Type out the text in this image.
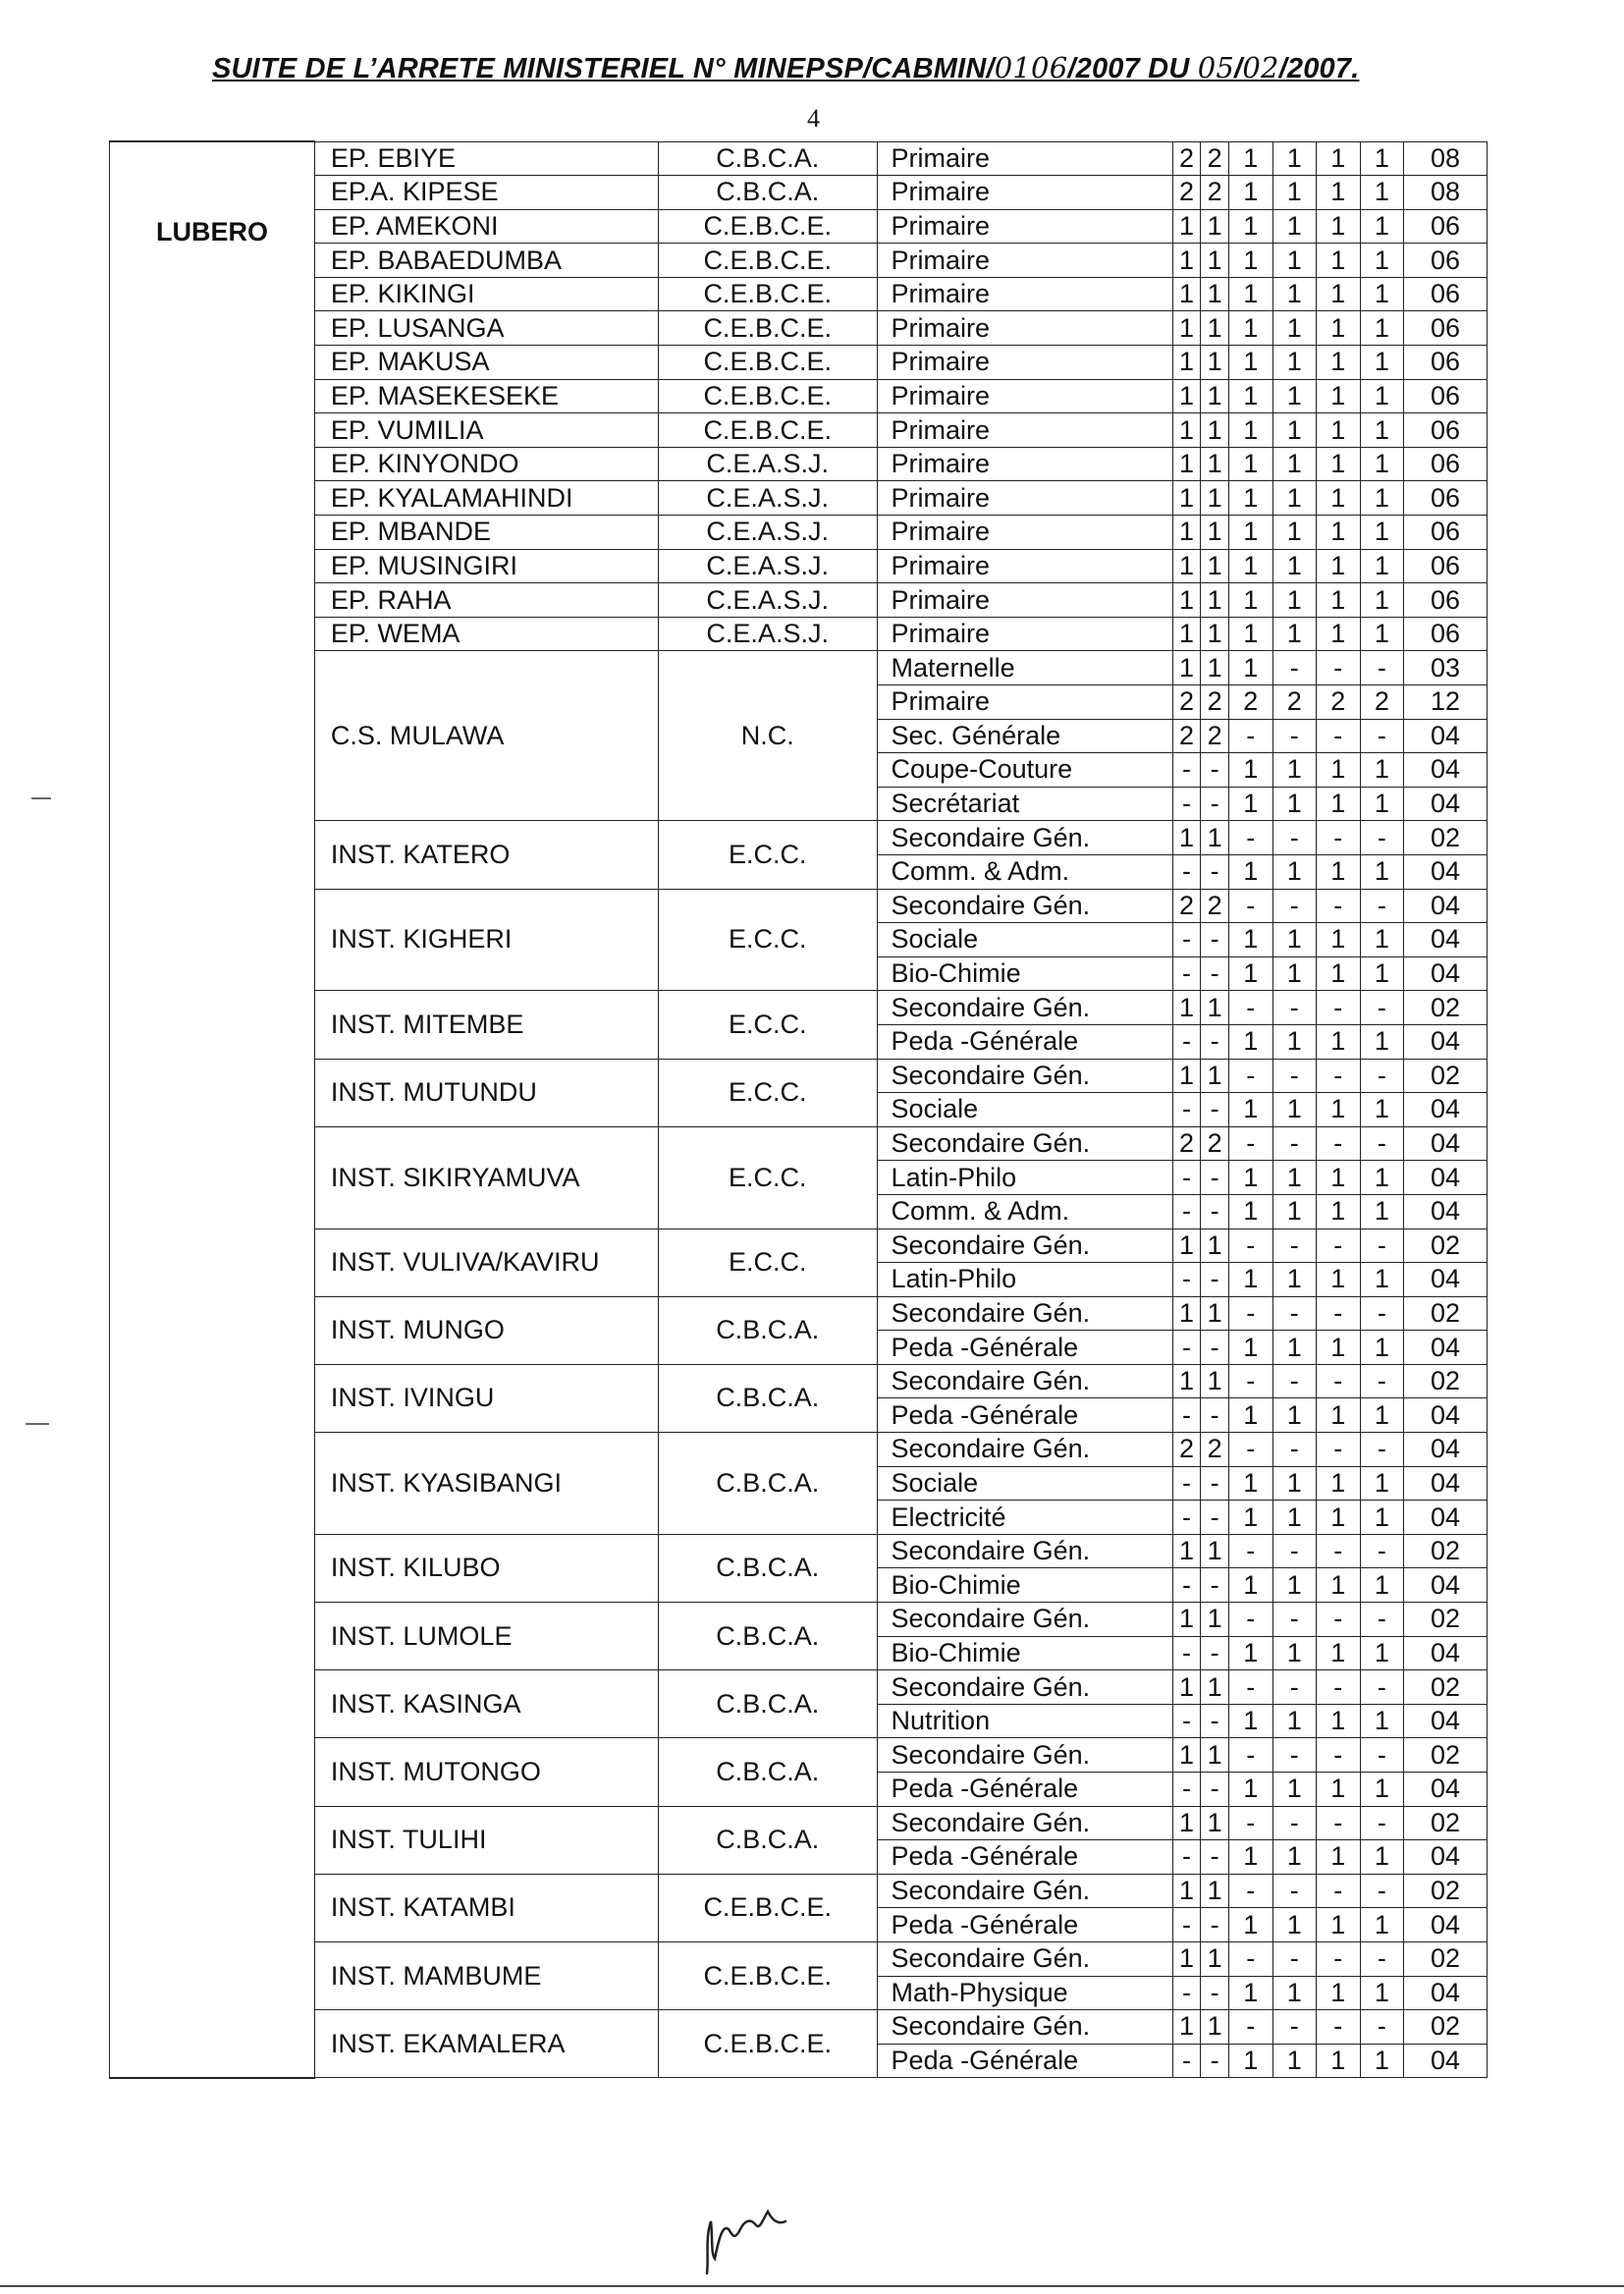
SUITE DE L’ARRETE MINISTERIEL N° MINEPSP/CABMIN/0106/2007 DU 05/02/2007.
4
LUBERO	EP. EBIYE	C.B.C.A.	Primaire	2	2	1	1	1	1	08
	EP.A. KIPESE	C.B.C.A.	Primaire	2	2	1	1	1	1	08
	EP. AMEKONI	C.E.B.C.E.	Primaire	1	1	1	1	1	1	06
	EP. BABAEDUMBA	C.E.B.C.E.	Primaire	1	1	1	1	1	1	06
	EP. KIKINGI	C.E.B.C.E.	Primaire	1	1	1	1	1	1	06
	EP. LUSANGA	C.E.B.C.E.	Primaire	1	1	1	1	1	1	06
	EP. MAKUSA	C.E.B.C.E.	Primaire	1	1	1	1	1	1	06
	EP. MASEKESEKE	C.E.B.C.E.	Primaire	1	1	1	1	1	1	06
	EP. VUMILIA	C.E.B.C.E.	Primaire	1	1	1	1	1	1	06
	EP. KINYONDO	C.E.A.S.J.	Primaire	1	1	1	1	1	1	06
	EP. KYALAMAHINDI	C.E.A.S.J.	Primaire	1	1	1	1	1	1	06
	EP. MBANDE	C.E.A.S.J.	Primaire	1	1	1	1	1	1	06
	EP. MUSINGIRI	C.E.A.S.J.	Primaire	1	1	1	1	1	1	06
	EP. RAHA	C.E.A.S.J.	Primaire	1	1	1	1	1	1	06
	EP. WEMA	C.E.A.S.J.	Primaire	1	1	1	1	1	1	06
	C.S. MULAWA	N.C.	Maternelle	1	1	1	-	-	-	03
			Primaire	2	2	2	2	2	2	12
			Sec. Générale	2	2	-	-	-	-	04
			Coupe-Couture	-	-	1	1	1	1	04
			Secrétariat	-	-	1	1	1	1	04
	INST. KATERO	E.C.C.	Secondaire Gén.	1	1	-	-	-	-	02
			Comm. & Adm.	-	-	1	1	1	1	04
	INST. KIGHERI	E.C.C.	Secondaire Gén.	2	2	-	-	-	-	04
			Sociale	-	-	1	1	1	1	04
			Bio-Chimie	-	-	1	1	1	1	04
	INST. MITEMBE	E.C.C.	Secondaire Gén.	1	1	-	-	-	-	02
			Peda -Générale	-	-	1	1	1	1	04
	INST. MUTUNDU	E.C.C.	Secondaire Gén.	1	1	-	-	-	-	02
			Sociale	-	-	1	1	1	1	04
	INST. SIKIRYAMUVA	E.C.C.	Secondaire Gén.	2	2	-	-	-	-	04
			Latin-Philo	-	-	1	1	1	1	04
			Comm. & Adm.	-	-	1	1	1	1	04
	INST. VULIVA/KAVIRU	E.C.C.	Secondaire Gén.	1	1	-	-	-	-	02
			Latin-Philo	-	-	1	1	1	1	04
	INST. MUNGO	C.B.C.A.	Secondaire Gén.	1	1	-	-	-	-	02
			Peda -Générale	-	-	1	1	1	1	04
	INST. IVINGU	C.B.C.A.	Secondaire Gén.	1	1	-	-	-	-	02
			Peda -Générale	-	-	1	1	1	1	04
	INST. KYASIBANGI	C.B.C.A.	Secondaire Gén.	2	2	-	-	-	-	04
			Sociale	-	-	1	1	1	1	04
			Electricité	-	-	1	1	1	1	04
	INST. KILUBO	C.B.C.A.	Secondaire Gén.	1	1	-	-	-	-	02
			Bio-Chimie	-	-	1	1	1	1	04
	INST. LUMOLE	C.B.C.A.	Secondaire Gén.	1	1	-	-	-	-	02
			Bio-Chimie	-	-	1	1	1	1	04
	INST. KASINGA	C.B.C.A.	Secondaire Gén.	1	1	-	-	-	-	02
			Nutrition	-	-	1	1	1	1	04
	INST. MUTONGO	C.B.C.A.	Secondaire Gén.	1	1	-	-	-	-	02
			Peda -Générale	-	-	1	1	1	1	04
	INST. TULIHI	C.B.C.A.	Secondaire Gén.	1	1	-	-	-	-	02
			Peda -Générale	-	-	1	1	1	1	04
	INST. KATAMBI	C.E.B.C.E.	Secondaire Gén.	1	1	-	-	-	-	02
			Peda -Générale	-	-	1	1	1	1	04
	INST. MAMBUME	C.E.B.C.E.	Secondaire Gén.	1	1	-	-	-	-	02
			Math-Physique	-	-	1	1	1	1	04
	INST. EKAMALERA	C.E.B.C.E.	Secondaire Gén.	1	1	-	-	-	-	02
			Peda -Générale	-	-	1	1	1	1	04
